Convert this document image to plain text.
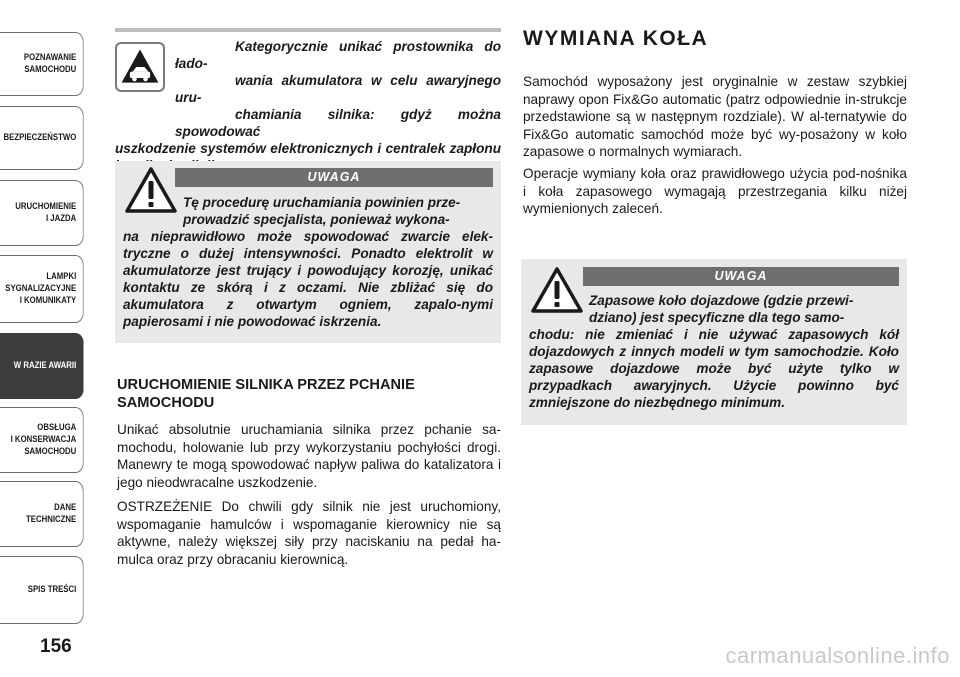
POZNAWANIE
SAMOCHODU
BEZPIECZEŃSTWO
URUCHOMIENIE
I JAZDA
LAMPKI
SYGNALIZACYJNE
I KOMUNIKATY
W RAZIE AWARII
OBSŁUGA
I KONSERWACJA
SAMOCHODU
DANE
TECHNICZNE
SPIS TREŚCI
156
Kategorycznie unikać prostownika do łado-
wania akumulatora w celu awaryjnego uru-
chamiania silnika: gdyż można spowodować
uszkodzenie systemów elektronicznych i centralek zapłonu
UWAGA
Tę procedurę uruchamiania powinien prze-
prowadzić specjalista, ponieważ wykona-
na nieprawidłowo może spowodować zwarcie elek-tryczne o dużej intensywności. Ponadto elektrolit w akumulatorze jest trujący i powodujący korozję, unikać kontaktu ze skórą i z oczami. Nie zbliżać się do akumulatora z otwartym ogniem, zapalo-nymi papierosami i nie powodować iskrzenia.
URUCHOMIENIE SILNIKA PRZEZ PCHANIE SAMOCHODU
Unikać absolutnie uruchamiania silnika przez pchanie sa-mochodu, holowanie lub przy wykorzystaniu pochyłości drogi. Manewry te mogą spowodować napływ paliwa do katalizatora i jego nieodwracalne uszkodzenie.
OSTRZEŻENIE Do chwili gdy silnik nie jest uruchomiony, wspomaganie hamulców i wspomaganie kierownicy nie są aktywne, należy większej siły przy naciskaniu na pedał ha-mulca oraz przy obracaniu kierownicą.
WYMIANA KOŁA
Samochód wyposażony jest oryginalnie w zestaw szybkiej naprawy opon Fix&Go automatic (patrz odpowiednie in-strukcje przedstawione są w następnym rozdziale). W al-ternatywie do Fix&Go automatic samochód może być wy-posażony w koło zapasowe o normalnych wymiarach.
Operacje wymiany koła oraz prawidłowego użycia pod-nośnika i koła zapasowego wymagają przestrzegania kilku niżej wymienionych zaleceń.
UWAGA
Zapasowe koło dojazdowe (gdzie przewi-
dziano) jest specyficzne dla tego samo-
chodu: nie zmieniać i nie używać zapasowych kół dojazdowych z innych modeli w tym samochodzie. Koło zapasowe dojazdowe może być użyte tylko w przypadkach awaryjnych. Użycie powinno być zmniejszone do niezbędnego minimum.
carmanualsonline.info
